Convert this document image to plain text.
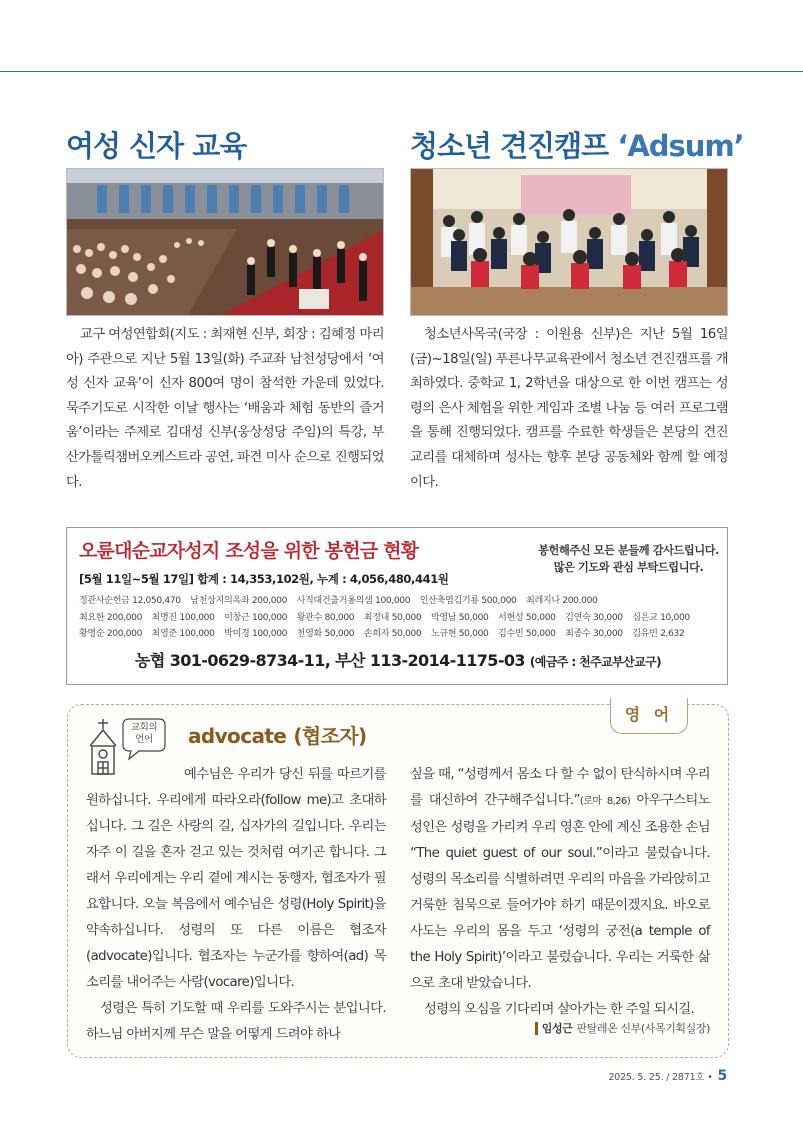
여성 신자 교육	청소년 견진캠프 ‘Adsum’

교구 여성연합회(지도 : 최재현 신부, 회장 : 김혜정 마리아) 주관으로 지난 5월 13일(화) 주교좌 남천성당에서 ‘여성 신자 교육’이 신자 800여 명이 참석한 가운데 있었다. 묵주기도로 시작한 이날 행사는 ‘배움과 체험 동반의 즐거움’이라는 주제로 김대성 신부(웅상성당 주임)의 특강, 부산가톨릭챔버오케스트라 공연, 파견 미사 순으로 진행되었다.

청소년사목국(국장 : 이원용 신부)은 지난 5월 16일(금)~18일(일) 푸른나무교육관에서 청소년 견진캠프를 개최하였다. 중학교 1, 2학년을 대상으로 한 이번 캠프는 성령의 은사 체험을 위한 게임과 조별 나눔 등 여러 프로그램을 통해 진행되었다. 캠프를 수료한 학생들은 본당의 견진 교리를 대체하며 성사는 향후 본당 공동체와 함께 할 예정이다.

오륜대순교자성지 조성을 위한 봉헌금 현황	봉헌해주신 모든 분들께 감사드립니다.
많은 기도와 관심 부탁드립니다.
[5월 11일~5월 17일] 합계 : 14,353,102원, 누계 : 4,056,480,441원
정관사순헌금 12,050,470 남천상지의옥좌 200,000 사직대건출거옹의샘 100,000 인산축염김기룡 500,000 최레지나 200,000
최요한 200,000 최명진 100,000 이창근 100,000 왕관수 80,000 최정내 50,000 박영남 50,000 서현성 50,000 김연숙 30,000 심은교 10,000
황명순 200,000 최영준 100,000 박미경 100,000 천영화 50,000 손희자 50,000 노규현 50,000 김수빈 50,000 최종수 30,000 김유빈 2,632
농협 301-0629-8734-11, 부산 113-2014-1175-03 (예금주 : 천주교부산교구)
영 어
교회의
언어	advocate (협조자)

예수님은 우리가 당신 뒤를 따르기를 원하십니다. 우리에게 따라오라(follow me)고 초대하십니다. 그 길은 사랑의 길, 십자가의 길입니다. 우리는 자주 이 길을 혼자 걷고 있는 것처럼 여기곤 합니다. 그래서 우리에게는 우리 곁에 계시는 동행자, 협조자가 필요합니다. 오늘 복음에서 예수님은 성령(Holy Spirit)을 약속하십니다. 성령의 또 다른 이름은 협조자(advocate)입니다. 협조자는 누군가를 향하여(ad) 목소리를 내어주는 사람(vocare)입니다.

성령은 특히 기도할 때 우리를 도와주시는 분입니다. 하느님 아버지께 무슨 말을 어떻게 드려야 하나

싶을 때, “성령께서 몸소 다 할 수 없이 탄식하시며 우리를 대신하여 간구해주십니다.”(로마 8,26) 아우구스티노 성인은 성령을 가리켜 우리 영혼 안에 계신 조용한 손님 “The quiet guest of our soul.”이라고 불렀습니다. 성령의 목소리를 식별하려면 우리의 마음을 가라앉히고 거룩한 침묵으로 들어가야 하기 때문이겠지요. 바오로 사도는 우리의 몸을 두고 ‘성령의 궁전(a temple of the Holy Spirit)’이라고 불렀습니다. 우리는 거룩한 삶으로 초대 받았습니다.

성령의 오심을 기다리며 살아가는 한 주일 되시길.

임성근 판탈레온 신부(사목기획실장)
2025. 5. 25. / 2871호 • 5
